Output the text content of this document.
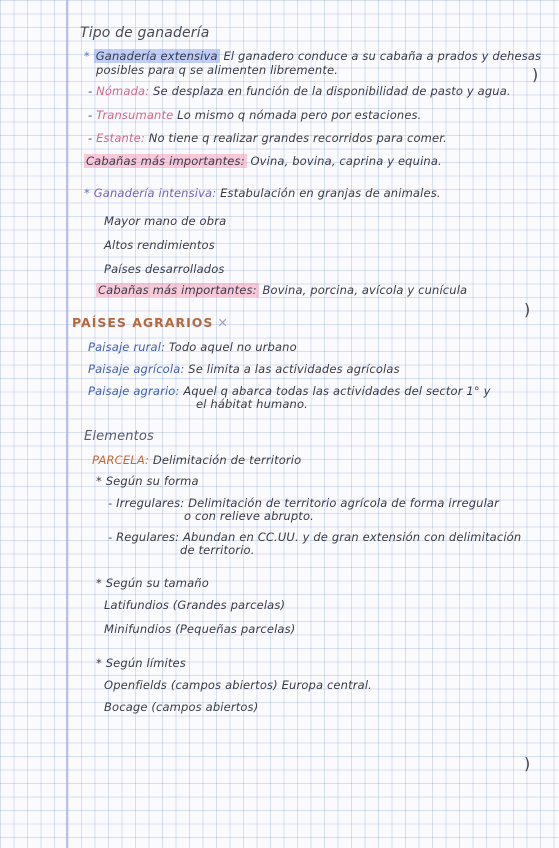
Tipo de ganadería
* Ganadería extensiva El ganadero conduce a su cabaña a prados y dehesas
posibles para q se alimenten libremente.	)
- Nómada: Se desplaza en función de la disponibilidad de pasto y agua.
- Transumante Lo mismo q nómada pero por estaciones.
- Estante: No tiene q realizar grandes recorridos para comer.
Cabañas más importantes: Ovina, bovina, caprina y equina.
* Ganadería intensiva: Estabulación en granjas de animales.
Mayor mano de obra
Altos rendimientos
Países desarrollados
Cabañas más importantes: Bovina, porcina, avícola y cunícula
)
PAÍSES AGRARIOS ✕
Paisaje rural: Todo aquel no urbano
Paisaje agrícola: Se limita a las actividades agrícolas
Paisaje agrario: Aquel q abarca todas las actividades del sector 1° y
el hábitat humano.
Elementos
PARCELA: Delimitación de territorio
* Según su forma
- Irregulares: Delimitación de territorio agrícola de forma irregular
o con relieve abrupto.
- Regulares: Abundan en CC.UU. y de gran extensión con delimitación
de territorio.
* Según su tamaño
Latifundios (Grandes parcelas)
Minifundios (Pequeñas parcelas)
* Según límites
Openfields (campos abiertos) Europa central.
Bocage (campos abiertos)
)
